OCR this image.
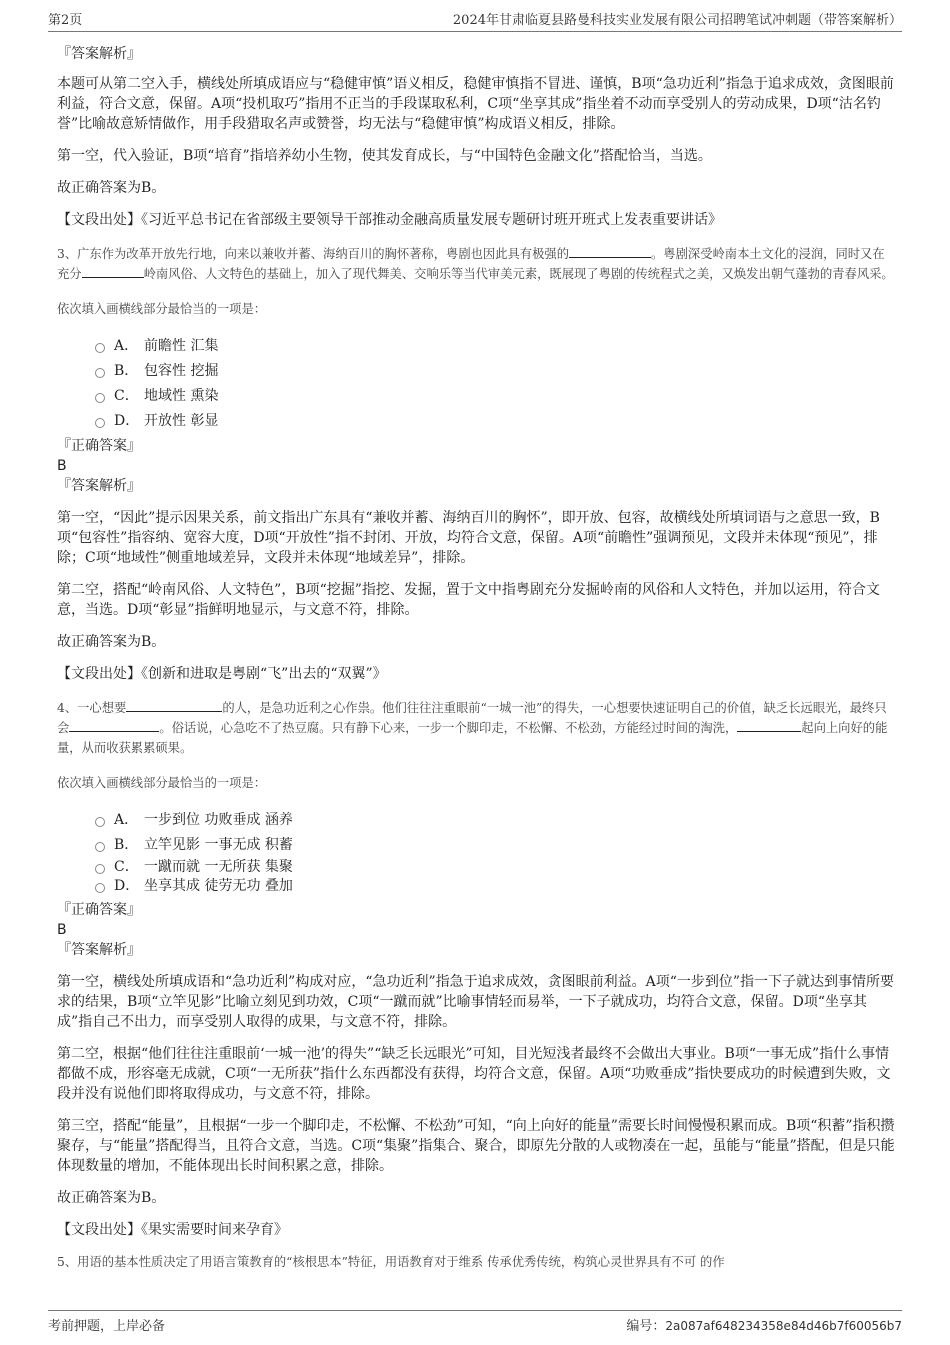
第2页	2024年甘肃临夏县路曼科技实业发展有限公司招聘笔试冲刺题（带答案解析）
『答案解析』
本题可从第二空入手，横线处所填成语应与“稳健审慎”语义相反，稳健审慎指不冒进、谨慎，B项“急功近利”指急于追求成效，贪图眼前利益，符合文意，保留。A项“投机取巧”指用不正当的手段谋取私利，C项“坐享其成”指坐着不动而享受别人的劳动成果，D项“沽名钓誉”比喻故意矫情做作，用手段猎取名声或赞誉，均无法与“稳健审慎”构成语义相反，排除。
第一空，代入验证，B项“培育”指培养幼小生物，使其发育成长，与“中国特色金融文化”搭配恰当，当选。
故正确答案为B。
【文段出处】《习近平总书记在省部级主要领导干部推动金融高质量发展专题研讨班开班式上发表重要讲话》
3、广东作为改革开放先行地，向来以兼收并蓄、海纳百川的胸怀著称，粤剧也因此具有极强的	。粤剧深受岭南本土文化的浸润，同时又在充分	岭南风俗、人文特色的基础上，加入了现代舞美、交响乐等当代审美元素，既展现了粤剧的传统程式之美，又焕发出朝气蓬勃的青春风采。
依次填入画横线部分最恰当的一项是：
A． 前瞻性 汇集
B． 包容性 挖掘
C． 地域性 熏染
D． 开放性 彰显
『正确答案』
B
『答案解析』
第一空，“因此”提示因果关系，前文指出广东具有“兼收并蓄、海纳百川的胸怀”，即开放、包容，故横线处所填词语与之意思一致，B项“包容性”指容纳、宽容大度，D项“开放性”指不封闭、开放，均符合文意，保留。A项“前瞻性”强调预见，文段并未体现“预见”，排除；C项“地域性”侧重地域差异，文段并未体现“地域差异”，排除。
第二空，搭配“岭南风俗、人文特色”，B项“挖掘”指挖、发掘，置于文中指粤剧充分发掘岭南的风俗和人文特色，并加以运用，符合文意，当选。D项“彰显”指鲜明地显示，与文意不符，排除。
故正确答案为B。
【文段出处】《创新和进取是粤剧“飞”出去的“双翼”》
4、一心想要	的人，是急功近利之心作祟。他们往往注重眼前“一城一池”的得失，一心想要快速证明自己的价值，缺乏长远眼光，最终只会	。俗话说，心急吃不了热豆腐。只有静下心来，一步一个脚印走，不松懈、不松劲，方能经过时间的淘洗，	起向上向好的能量，从而收获累累硕果。
依次填入画横线部分最恰当的一项是：
A． 一步到位 功败垂成 涵养
B． 立竿见影 一事无成 积蓄
C． 一蹴而就 一无所获 集聚
D． 坐享其成 徒劳无功 叠加
『正确答案』
B
『答案解析』
第一空，横线处所填成语和“急功近利”构成对应，“急功近利”指急于追求成效，贪图眼前利益。A项“一步到位”指一下子就达到事情所要求的结果，B项“立竿见影”比喻立刻见到功效，C项“一蹴而就”比喻事情轻而易举，一下子就成功，均符合文意，保留。D项“坐享其成”指自己不出力，而享受别人取得的成果，与文意不符，排除。
第二空，根据“他们往往注重眼前‘一城一池’的得失”“缺乏长远眼光”可知，目光短浅者最终不会做出大事业。B项“一事无成”指什么事情都做不成，形容毫无成就，C项“一无所获”指什么东西都没有获得，均符合文意，保留。A项“功败垂成”指快要成功的时候遭到失败，文段并没有说他们即将取得成功，与文意不符，排除。
第三空，搭配“能量”，且根据“一步一个脚印走，不松懈、不松劲”可知，“向上向好的能量”需要长时间慢慢积累而成。B项“积蓄”指积攒聚存，与“能量”搭配得当，且符合文意，当选。C项“集聚”指集合、聚合，即原先分散的人或物凑在一起，虽能与“能量”搭配，但是只能体现数量的增加，不能体现出长时间积累之意，排除。
故正确答案为B。
【文段出处】《果实需要时间来孕育》
5、用语的基本性质决定了用语言策教育的“核根思本”特征，用语教育对于维系 传承优秀传统，构筑心灵世界具有不可 的作
考前押题，上岸必备	编号：2a087af648234358e84d46b7f60056b7
